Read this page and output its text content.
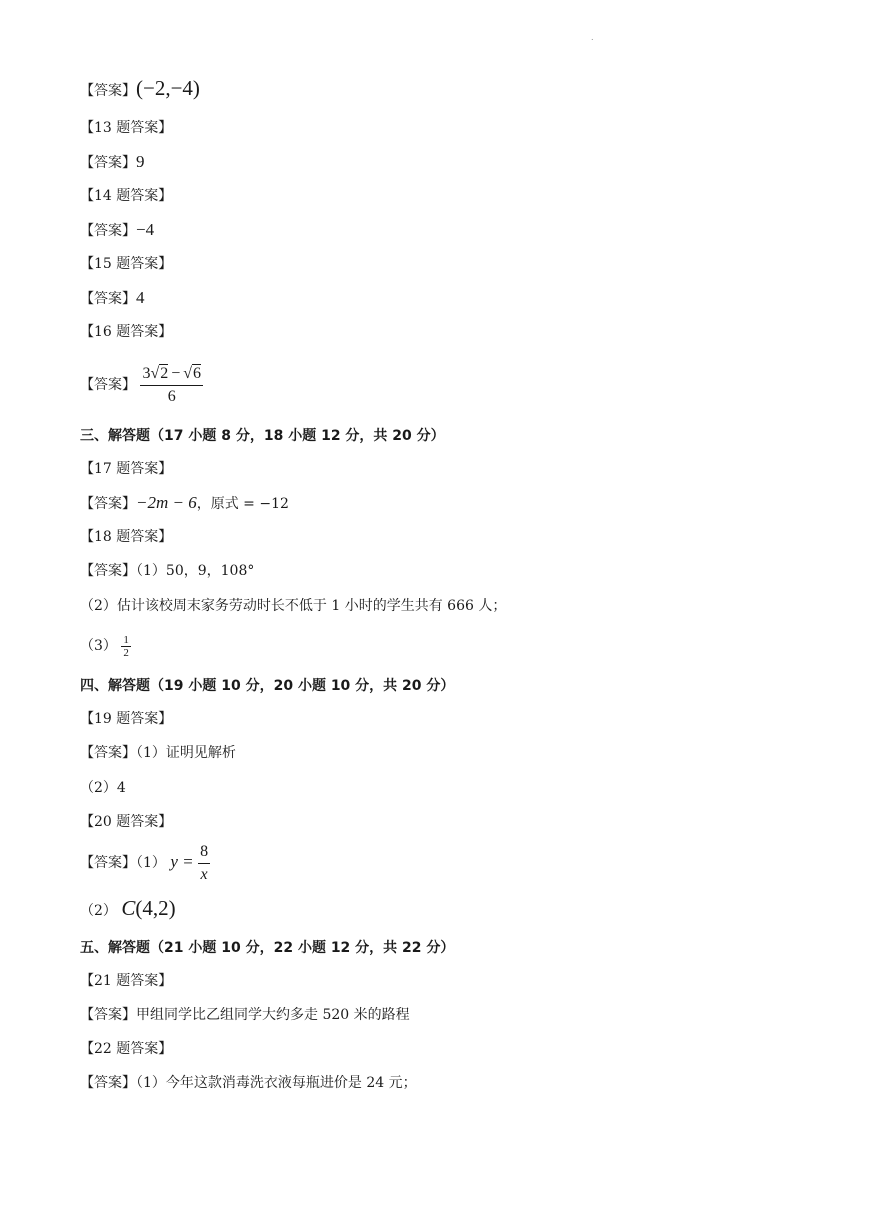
.
【答案】(−2,−4)
【13 题答案】
【答案】9
【14 题答案】
【答案】−4
【15 题答案】
【答案】4
【16 题答案】
【答案】 $\frac{3√2 - √6}{6}$
三、解答题（17 小题 8 分，18 小题 12 分，共 20 分）
【17 题答案】
【答案】−2m − 6，原式 = −12
【18 题答案】
【答案】（1）50，9，108°
（2）估计该校周末家务劳动时长不低于 1 小时的学生共有 666 人；
$(3) \frac{1}{2}$
四、解答题（19 小题 10 分，20 小题 10 分，共 20 分）
【19 题答案】
【答案】（1）证明见解析
（2）4
【20 题答案】
【答案】（1） $y = \frac{8}{x}$
（2） C(4,2)
五、解答题（21 小题 10 分，22 小题 12 分，共 22 分）
【21 题答案】
【答案】甲组同学比乙组同学大约多走 520 米的路程
【22 题答案】
【答案】（1）今年这款消毒洗衣液每瓶进价是 24 元；
